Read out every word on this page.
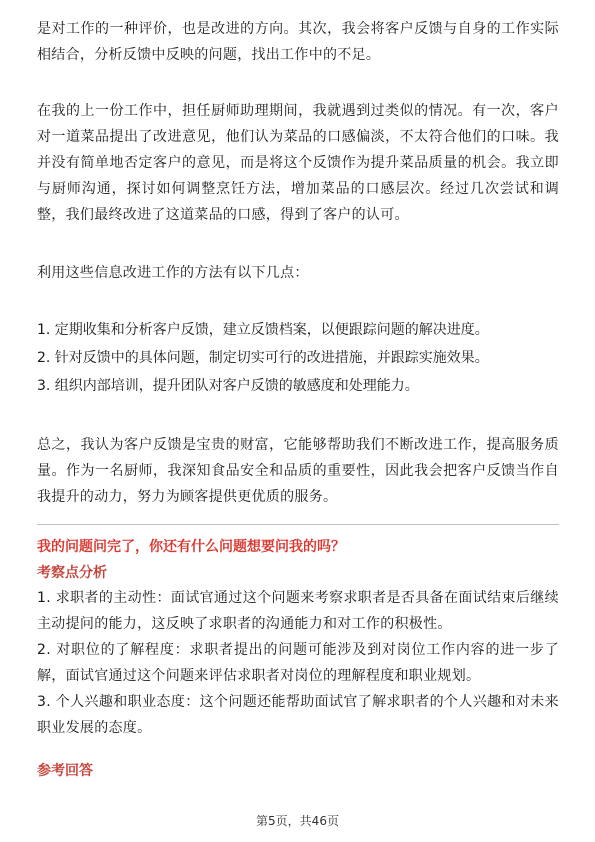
是对工作的一种评价，也是改进的方向。其次，我会将客户反馈与自身的工作实际相结合，分析反馈中反映的问题，找出工作中的不足。

在我的上一份工作中，担任厨师助理期间，我就遇到过类似的情况。有一次，客户对一道菜品提出了改进意见，他们认为菜品的口感偏淡，不太符合他们的口味。我并没有简单地否定客户的意见，而是将这个反馈作为提升菜品质量的机会。我立即与厨师沟通，探讨如何调整烹饪方法，增加菜品的口感层次。经过几次尝试和调整，我们最终改进了这道菜品的口感，得到了客户的认可。

利用这些信息改进工作的方法有以下几点：

1. 定期收集和分析客户反馈，建立反馈档案，以便跟踪问题的解决进度。

2. 针对反馈中的具体问题，制定切实可行的改进措施，并跟踪实施效果。

3. 组织内部培训，提升团队对客户反馈的敏感度和处理能力。

总之，我认为客户反馈是宝贵的财富，它能够帮助我们不断改进工作，提高服务质量。作为一名厨师，我深知食品安全和品质的重要性，因此我会把客户反馈当作自我提升的动力，努力为顾客提供更优质的服务。

我的问题问完了，你还有什么问题想要问我的吗？
考察点分析

1. 求职者的主动性：面试官通过这个问题来考察求职者是否具备在面试结束后继续主动提问的能力，这反映了求职者的沟通能力和对工作的积极性。

2. 对职位的了解程度：求职者提出的问题可能涉及到对岗位工作内容的进一步了解，面试官通过这个问题来评估求职者对岗位的理解程度和职业规划。

3. 个人兴趣和职业态度：这个问题还能帮助面试官了解求职者的个人兴趣和对未来职业发展的态度。

参考回答
第5页，共46页
